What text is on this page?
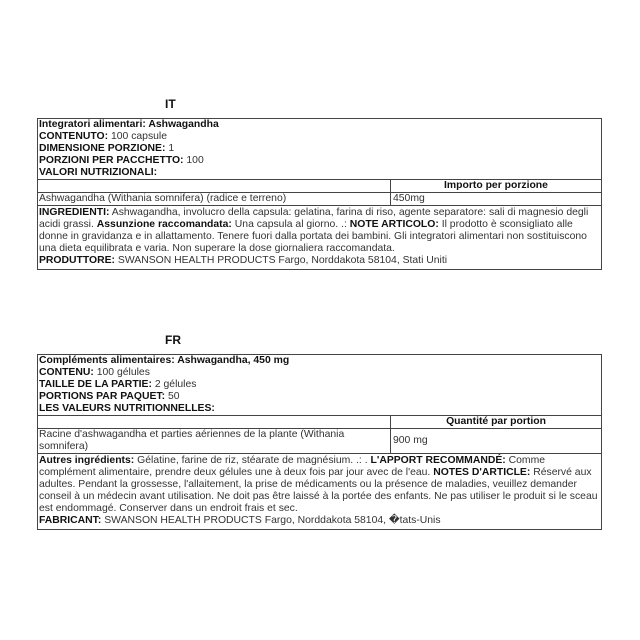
IT
Integratori alimentari: Ashwagandha
CONTENUTO: 100 capsule
DIMENSIONE PORZIONE: 1
PORZIONI PER PACCHETTO: 100
VALORI NUTRIZIONALI:

Importo per porzione
Ashwagandha (Withania somnifera) (radice e terreno)	450mg

INGREDIENTI: Ashwagandha, involucro della capsula: gelatina, farina di riso, agente separatore: sali di magnesio degli acidi grassi. Assunzione raccomandata: Una capsula al giorno. .: NOTE ARTICOLO: Il prodotto è sconsigliato alle donne in gravidanza e in allattamento. Tenere fuori dalla portata dei bambini. Gli integratori alimentari non sostituiscono una dieta equilibrata e varia. Non superare la dose giornaliera raccomandata.

PRODUTTORE: SWANSON HEALTH PRODUCTS Fargo, Norddakota 58104, Stati Uniti

FR
Compléments alimentaires: Ashwagandha, 450 mg
CONTENU: 100 gélules
TAILLE DE LA PARTIE: 2 gélules
PORTIONS PAR PAQUET: 50
LES VALEURS NUTRITIONNELLES:

Quantité par portion
Racine d'ashwagandha et parties aériennes de la plante (Withania somnifera)
900 mg

Autres ingrédients: Gélatine, farine de riz, stéarate de magnésium. .: . L'APPORT RECOMMANDÉ: Comme complément alimentaire, prendre deux gélules une à deux fois par jour avec de l'eau. NOTES D'ARTICLE: Réservé aux adultes. Pendant la grossesse, l'allaitement, la prise de médicaments ou la présence de maladies, veuillez demander conseil à un médecin avant utilisation. Ne doit pas être laissé à la portée des enfants. Ne pas utiliser le produit si le sceau est endommagé. Conserver dans un endroit frais et sec.

FABRICANT: SWANSON HEALTH PRODUCTS Fargo, Norddakota 58104, �tats-Unis
